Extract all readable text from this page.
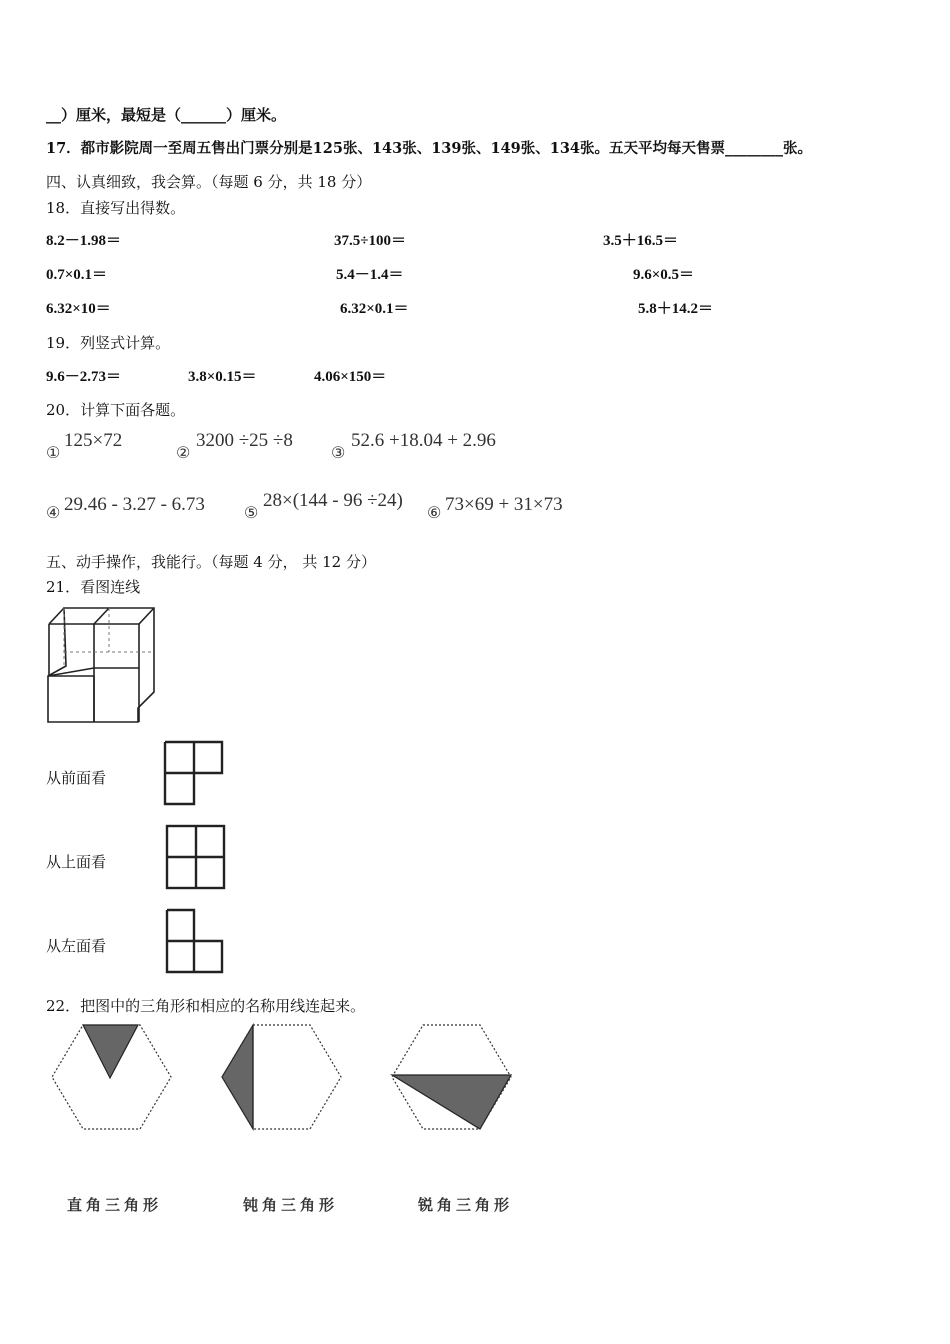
__）厘米，最短是（______）厘米。
17．都市影院周一至周五售出门票分别是125张、143张、139张、149张、134张。五天平均每天售票________张。
四、认真细致，我会算。（每题 6 分，共 18 分）
18．直接写出得数。
8.2－1.98＝	37.5÷100＝	3.5＋16.5＝
0.7×0.1＝	5.4－1.4＝	9.6×0.5＝
6.32×10＝	6.32×0.1＝	5.8＋14.2＝
19．列竖式计算。
9.6－2.73＝	3.8×0.15＝	4.06×150＝
20．计算下面各题。
①
125×72
②
3200 ÷25 ÷8
③
52.6 +18.04 + 2.96
④ 29.46 - 3.27 - 6.73 ⑤
28×(144 - 96 ÷24)
⑥ 73×69 + 31×73
五、动手操作，我能行。（每题 4 分， 共 12 分）
21．看图连线
从前面看
从上面看
从左面看
22．把图中的三角形和相应的名称用线连起来。
直角三角形	钝角三角形	锐角三角形
